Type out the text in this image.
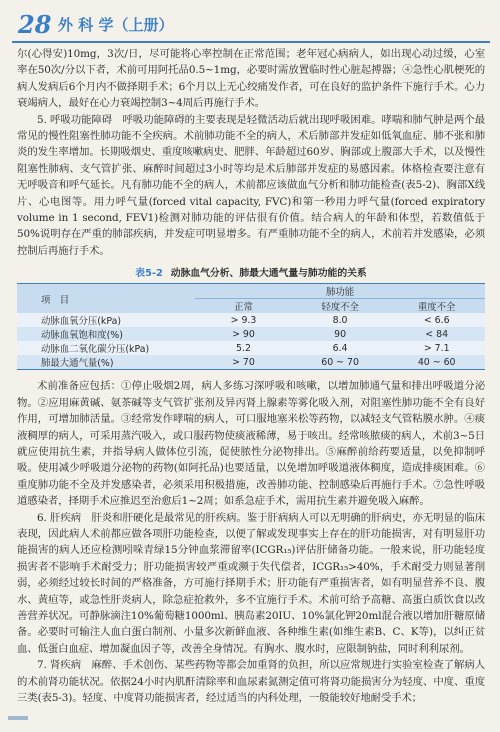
28 外 科 学（上册）

尔(心得安)10mg，3次/日，尽可能将心率控制在正常范围；老年冠心病病人，如出现心动过缓，心室率在50次/分以下者，术前可用阿托品0.5~1mg，必要时需放置临时性心脏起搏器；④急性心肌梗死的病人发病后6个月内不做择期手术；6个月以上无心绞痛发作者，可在良好的监护条件下施行手术。心力衰竭病人，最好在心力衰竭控制3~4周后再施行手术。

5. 呼吸功能障碍　呼吸功能障碍的主要表现是轻微活动后就出现呼吸困难。哮喘和肺气肿是两个最常见的慢性阻塞性肺功能不全疾病。术前肺功能不全的病人，术后肺部并发症如低氧血症、肺不张和肺炎的发生率增加。长期吸烟史、重度咳嗽病史、肥胖、年龄超过60岁、胸部或上腹部大手术，以及慢性阻塞性肺病、支气管扩张、麻醉时间超过3小时等均是术后肺部并发症的易感因素。体格检查要注意有无呼吸音和呼气延长。凡有肺功能不全的病人，术前都应该做血气分析和肺功能检查(表5-2)、胸部X线片、心电图等。用力呼气量(forced vital capacity, FVC)和第一秒用力呼气量(forced expiratory volume in 1 second, FEV1)检测对肺功能的评估很有价值。结合病人的年龄和体型，若数值低于50%说明存在严重的肺部疾病，并发症可明显增多。有严重肺功能不全的病人，术前若并发感染，必须控制后再施行手术。

表5-2 动脉血气分析、肺最大通气量与肺功能的关系
项　目	肺功能		
	正常	轻度不全	重度不全
动脉血氧分压(kPa)	> 9.3	8.0	< 6.6
动脉血氧饱和度(%)	> 90	90	< 84
动脉血二氧化碳分压(kPa)	5.2	6.4	> 7.1
肺最大通气量(%)	> 70	60 ~ 70	40 ~ 60

术前准备应包括：①停止吸烟2周，病人多练习深呼吸和咳嗽，以增加肺通气量和排出呼吸道分泌物。②应用麻黄碱、氨茶碱等支气管扩张剂及异丙肾上腺素等雾化吸入剂，对阻塞性肺功能不全有良好作用，可增加肺活量。③经常发作哮喘的病人，可口服地塞米松等药物，以减轻支气管粘膜水肿。④痰液稠厚的病人，可采用蒸汽吸入，或口服药物使痰液稀薄，易于咳出。经常咳脓痰的病人，术前3~5日就应使用抗生素，并指导病人做体位引流，促使脓性分泌物排出。⑤麻醉前给药要适量，以免抑制呼吸。使用减少呼吸道分泌物的药物(如阿托品)也要适量，以免增加呼吸道液体稠度，造成排痰困难。⑥重度肺功能不全及并发感染者，必须采用积极措施，改善肺功能、控制感染后再施行手术。⑦急性呼吸道感染者，择期手术应推迟至治愈后1~2周；如系急症手术，需用抗生素并避免吸入麻醉。

6. 肝疾病　肝炎和肝硬化是最常见的肝疾病。鉴于肝病病人可以无明确的肝病史，亦无明显的临床表现，因此病人术前都应做各项肝功能检查，以便了解或发现事实上存在的肝功能损害，对有明显肝功能损害的病人还应检测吲哚青绿15分钟血浆滞留率(ICGR₁₅)评估肝储备功能。一般来说，肝功能轻度损害者不影响手术耐受力；肝功能损害较严重或濒于失代偿者，ICGR₁₅>40%，手术耐受力则显著削弱，必须经过较长时间的严格准备，方可施行择期手术；肝功能有严重损害者，如有明显营养不良、腹水、黄疸等，或急性肝炎病人，除急症抢救外，多不宜施行手术。术前可给予高糖、高蛋白质饮食以改善营养状况。可静脉滴注10%葡萄糖1000ml、胰岛素20IU、10%氯化钾20ml混合液以增加肝糖原储备。必要时可输注人血白蛋白制剂、小量多次新鲜血液、各种维生素(如维生素B、C、K等)，以纠正贫血、低蛋白血症、增加凝血因子等，改善全身情况。有胸水、腹水时，应限制钠盐，同时利利尿剂。

7. 肾疾病　麻醉、手术创伤、某些药物等都会加重肾的负担，所以应常规进行实验室检查了解病人的术前肾功能状况。依据24小时内肌酐清除率和血尿素氮测定值可将肾功能损害分为轻度、中度、重度三类(表5-3)。轻度、中度肾功能损害者，经过适当的内科处理，一般能较好地耐受手术；
